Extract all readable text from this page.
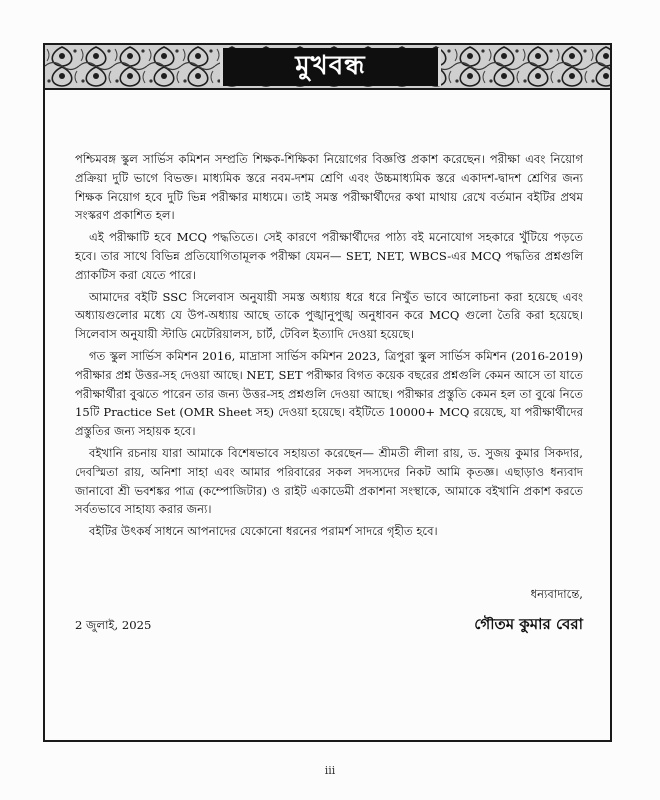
মুখবন্ধ

পশ্চিমবঙ্গ স্কুল সার্ভিস কমিশন সম্প্রতি শিক্ষক-শিক্ষিকা নিয়োগের বিজ্ঞপ্তি প্রকাশ করেছেন। পরীক্ষা এবং নিয়োগ প্রক্রিয়া দুটি ভাগে বিভক্ত। মাধ্যমিক স্তরে নবম-দশম শ্রেণি এবং উচ্চমাধ্যমিক স্তরে একাদশ-দ্বাদশ শ্রেণির জন্য শিক্ষক নিয়োগ হবে দুটি ভিন্ন পরীক্ষার মাধ্যমে। তাই সমস্ত পরীক্ষার্থীদের কথা মাথায় রেখে বর্তমান বইটির প্রথম সংস্করণ প্রকাশিত হল।

এই পরীক্ষাটি হবে MCQ পদ্ধতিতে। সেই কারণে পরীক্ষার্থীদের পাঠ্য বই মনোযোগ সহকারে খুঁটিয়ে পড়তে হবে। তার সাথে বিভিন্ন প্রতিযোগিতামূলক পরীক্ষা যেমন— SET, NET, WBCS-এর MCQ পদ্ধতির প্রশ্নগুলি প্র্যাকটিস করা যেতে পারে।

আমাদের বইটি SSC সিলেবাস অনুযায়ী সমস্ত অধ্যায় ধরে ধরে নিখুঁত ভাবে আলোচনা করা হয়েছে এবং অধ্যায়গুলোর মধ্যে যে উপ-অধ্যায় আছে তাকে পুঙ্খানুপুঙ্খ অনুধাবন করে MCQ গুলো তৈরি করা হয়েছে। সিলেবাস অনুযায়ী স্টাডি মেটেরিয়ালস, চার্ট, টেবিল ইত্যাদি দেওয়া হয়েছে।

গত স্কুল সার্ভিস কমিশন 2016, মাদ্রাসা সার্ভিস কমিশন 2023, ত্রিপুরা স্কুল সার্ভিস কমিশন (2016-2019) পরীক্ষার প্রশ্ন উত্তর-সহ দেওয়া আছে। NET, SET পরীক্ষার বিগত কয়েক বছরের প্রশ্নগুলি কেমন আসে তা যাতে পরীক্ষার্থীরা বুঝতে পারেন তার জন্য উত্তর-সহ প্রশ্নগুলি দেওয়া আছে। পরীক্ষার প্রস্তুতি কেমন হল তা বুঝে নিতে 15টি Practice Set (OMR Sheet সহ) দেওয়া হয়েছে। বইটিতে 10000+ MCQ রয়েছে, যা পরীক্ষার্থীদের প্রস্তুতির জন্য সহায়ক হবে।

বইখানি রচনায় যারা আমাকে বিশেষভাবে সহায়তা করেছেন— শ্রীমতী লীলা রায়, ড. সুজয় কুমার সিকদার, দেবস্মিতা রায়, অনিশা সাহা এবং আমার পরিবারের সকল সদস্যদের নিকট আমি কৃতজ্ঞ। এছাড়াও ধন্যবাদ জানাবো শ্রী ভবশঙ্কর পাত্র (কম্পোজিটার) ও রাইট একাডেমী প্রকাশনা সংস্থাকে, আমাকে বইখানি প্রকাশ করতে সর্বতভাবে সাহায্য করার জন্য।

বইটির উৎকর্ষ সাধনে আপনাদের যেকোনো ধরনের পরামর্শ সাদরে গৃহীত হবে।

ধন্যবাদান্তে,
2 জুলাই, 2025	গৌতম কুমার বেরা
iii
